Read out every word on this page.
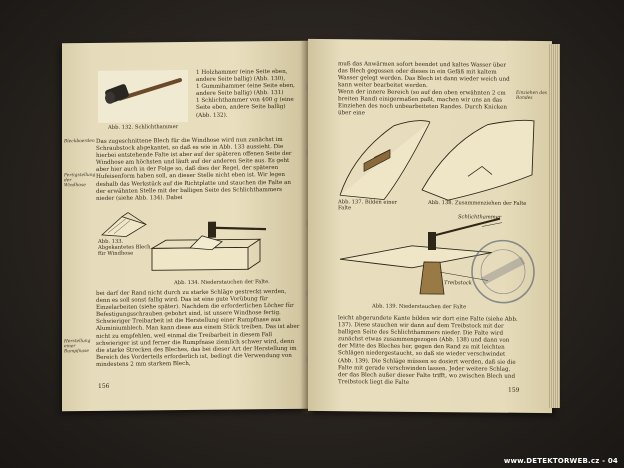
Abb. 132. Schlichthammer
1 Holzhammer (eine Seite eben, andere Seite ballig) (Abb. 130),
1 Gummihammer (eine Seite eben, andere Seite ballig) (Abb. 131)
1 Schlichthammer von 400 g (eine Seite eben, andere Seite ballig) (Abb. 132).
Bleckboerden
Fertigstellung der Windhose
Das zugeschnittene Blech für die Windhose wird nun zunächst im Schraubstock abgekantet, so daß es wie in Abb. 133 aussieht. Die hierbei entstehende Falte ist aber auf der späteren offenen Seite der Windhose am höchsten und läuft auf der anderen Seite aus. Es geht aber hier auch in der Folge so, daß dies der Regel, der späteren Hufeisenform haben soll, an dieser Stelle nicht eben ist. Wir legen deshalb das Werkstück auf die Richtplatte und stauchen die Falte an der erwähnten Stelle mit der balligen Seite des Schlichthammers nieder (siehe Abb. 134). Dabei
Abb. 133. Abgekantetes Blech für Windhose
Abb. 134. Niederstauchen der Falte.
Herstellung einer Rumpfnase
bei darf der Rand nicht durch zu starke Schläge gestreckt werden, denn es soll sonst fallig wird. Das ist eine gute Vorübung für Einzelarbeiten (siehe später). Nachdem die erforderlichen Löcher für Befestigungsschrauben gebohrt sind, ist unsere Windhose fertig. Schwieriger Treibarbeit ist die Herstellung einer Rumpfnase aus Aluminiumblech. Man kann diese aus einem Stück treiben. Das ist aber nicht zu empfehlen, weil einmal die Treibarbeit in diesem Fall schwieriger ist und ferner die Rumpfnase ziemlich schwer wird, denn die starke Strecken des Bleches, das bei dieser Art der Herstellung im Bereich des Vorderteils erforderlich ist, bedingt die Verwendung von mindestens 2 mm starkem Blech,
156
muß das Anwärmen sofort beendet und kaltes Wasser über das Blech gegossen oder dieses in ein Gefäß mit kaltem Wasser gelegt werden. Das Blech ist dann wieder weich und kann weiter bearbeitet werden.
Wenn der innere Bereich (so auf den oben erwähnten 2 cm breiten Rand) einigermaßen paßt, machen wir uns an das Einziehen des noch unbearbeiteten Randes. Durch Knicken über eine
Einziehen des Randes
Abb. 137. Bilden einer Falte
Abb. 138. Zusammenziehen der Falte
Schlichthammer
Treibstock
Abb. 139. Niederstauchen der Falte
leicht abgerundete Kante bilden wir dort eine Falte (siehe Abb. 137). Diese stauchen wir dann auf dem Treibstock mit der balligen Seite des Schlichthammers nieder. Die Falte wird zunächst etwas zusammengezogen (Abb. 138) und dann von der Mitte des Bleches her, gegen den Rand zu mit leichten Schlägen niedergestaucht, so daß sie wieder verschwindet (Abb. 139). Die Schläge müssen so dosiert werden, daß sie die Falte mit gerade verschwinden lassen. Jeder weitere Schlag, der das Blech außer dieser Falte trifft, wo zwischen Blech und Treibstock liegt die Falte
159
www.DETEKTORWEB.cz - 04
